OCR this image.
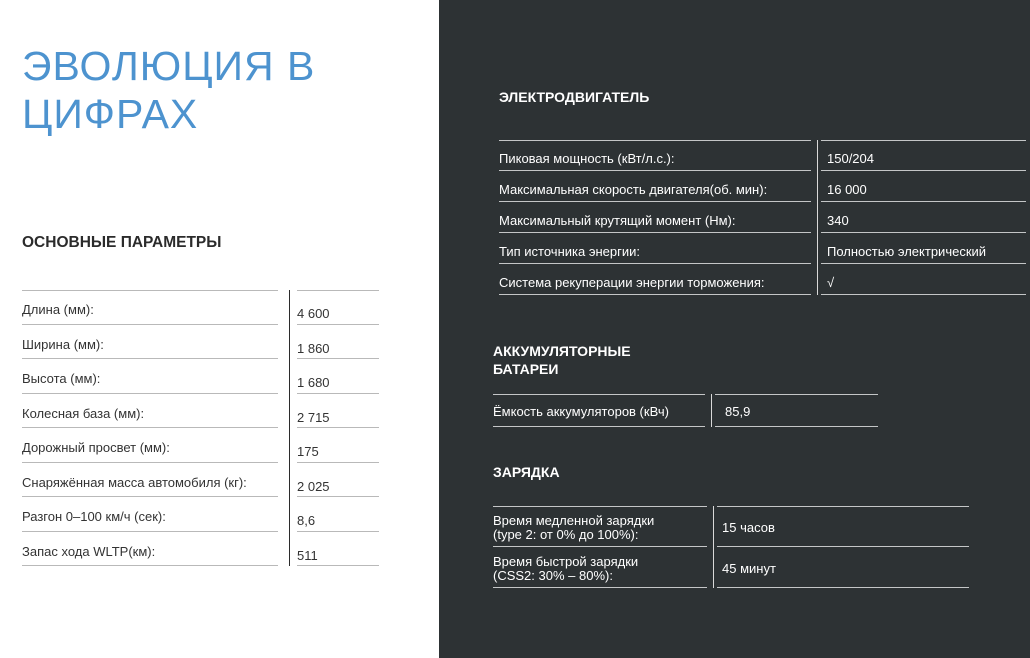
ЭВОЛЮЦИЯ В ЦИФРАХ
ОСНОВНЫЕ ПАРАМЕТРЫ
Длина (мм):	4 600
Ширина (мм):	1 860
Высота (мм):	1 680
Колесная база (мм):	2 715
Дорожный просвет (мм):	175
Снаряжённая масса автомобиля (кг):	2 025
Разгон 0–100 км/ч (сек):	8,6
Запас хода WLTP(км):	511
ЭЛЕКТРОДВИГАТЕЛЬ
Пиковая мощность (кВт/л.с.):	150/204
Максимальная скорость двигателя(об. мин):	16 000
Максимальный крутящий момент (Нм):	340
Тип источника энергии:	Полностью электрический
Система рекуперации энергии торможения:	√
АККУМУЛЯТОРНЫЕ
БАТАРЕИ
Ёмкость аккумуляторов (кВч)	85,9
ЗАРЯДКА
Время медленной зарядки
(type 2: от 0% до 100%):	15 часов
Время быстрой зарядки
(CSS2: 30% – 80%):	45 минут
